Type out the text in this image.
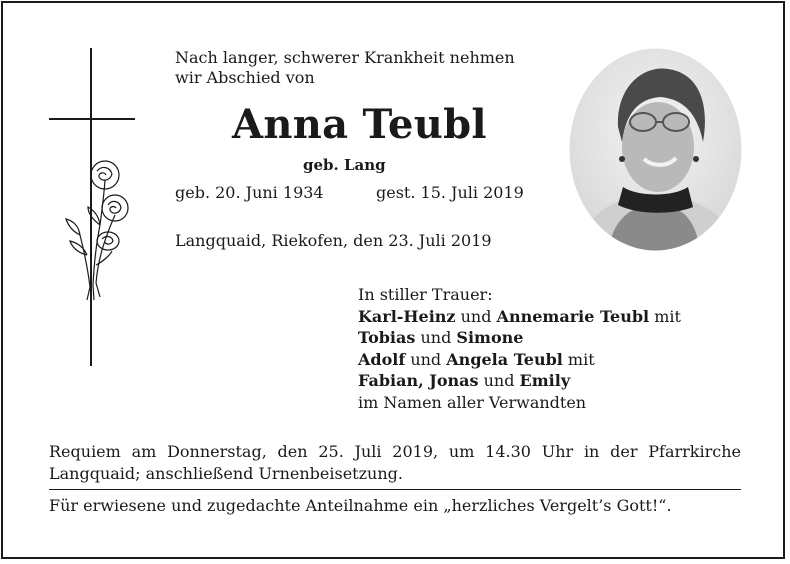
Nach langer, schwerer Krankheit nehmen
wir Abschied von
Anna Teubl
geb. Lang
geb. 20. Juni 1934	gest. 15. Juli 2019
Langquaid, Riekofen, den 23. Juli 2019
In stiller Trauer:
Karl-Heinz und Annemarie Teubl mit
Tobias und Simone
Adolf und Angela Teubl mit
Fabian, Jonas und Emily
im Namen aller Verwandten
Requiem am Donnerstag, den 25. Juli 2019, um 14.30 Uhr in der Pfarrkirche Langquaid; anschließend Urnenbeisetzung.
Für erwiesene und zugedachte Anteilnahme ein „herzliches Vergelt’s Gott!“.
